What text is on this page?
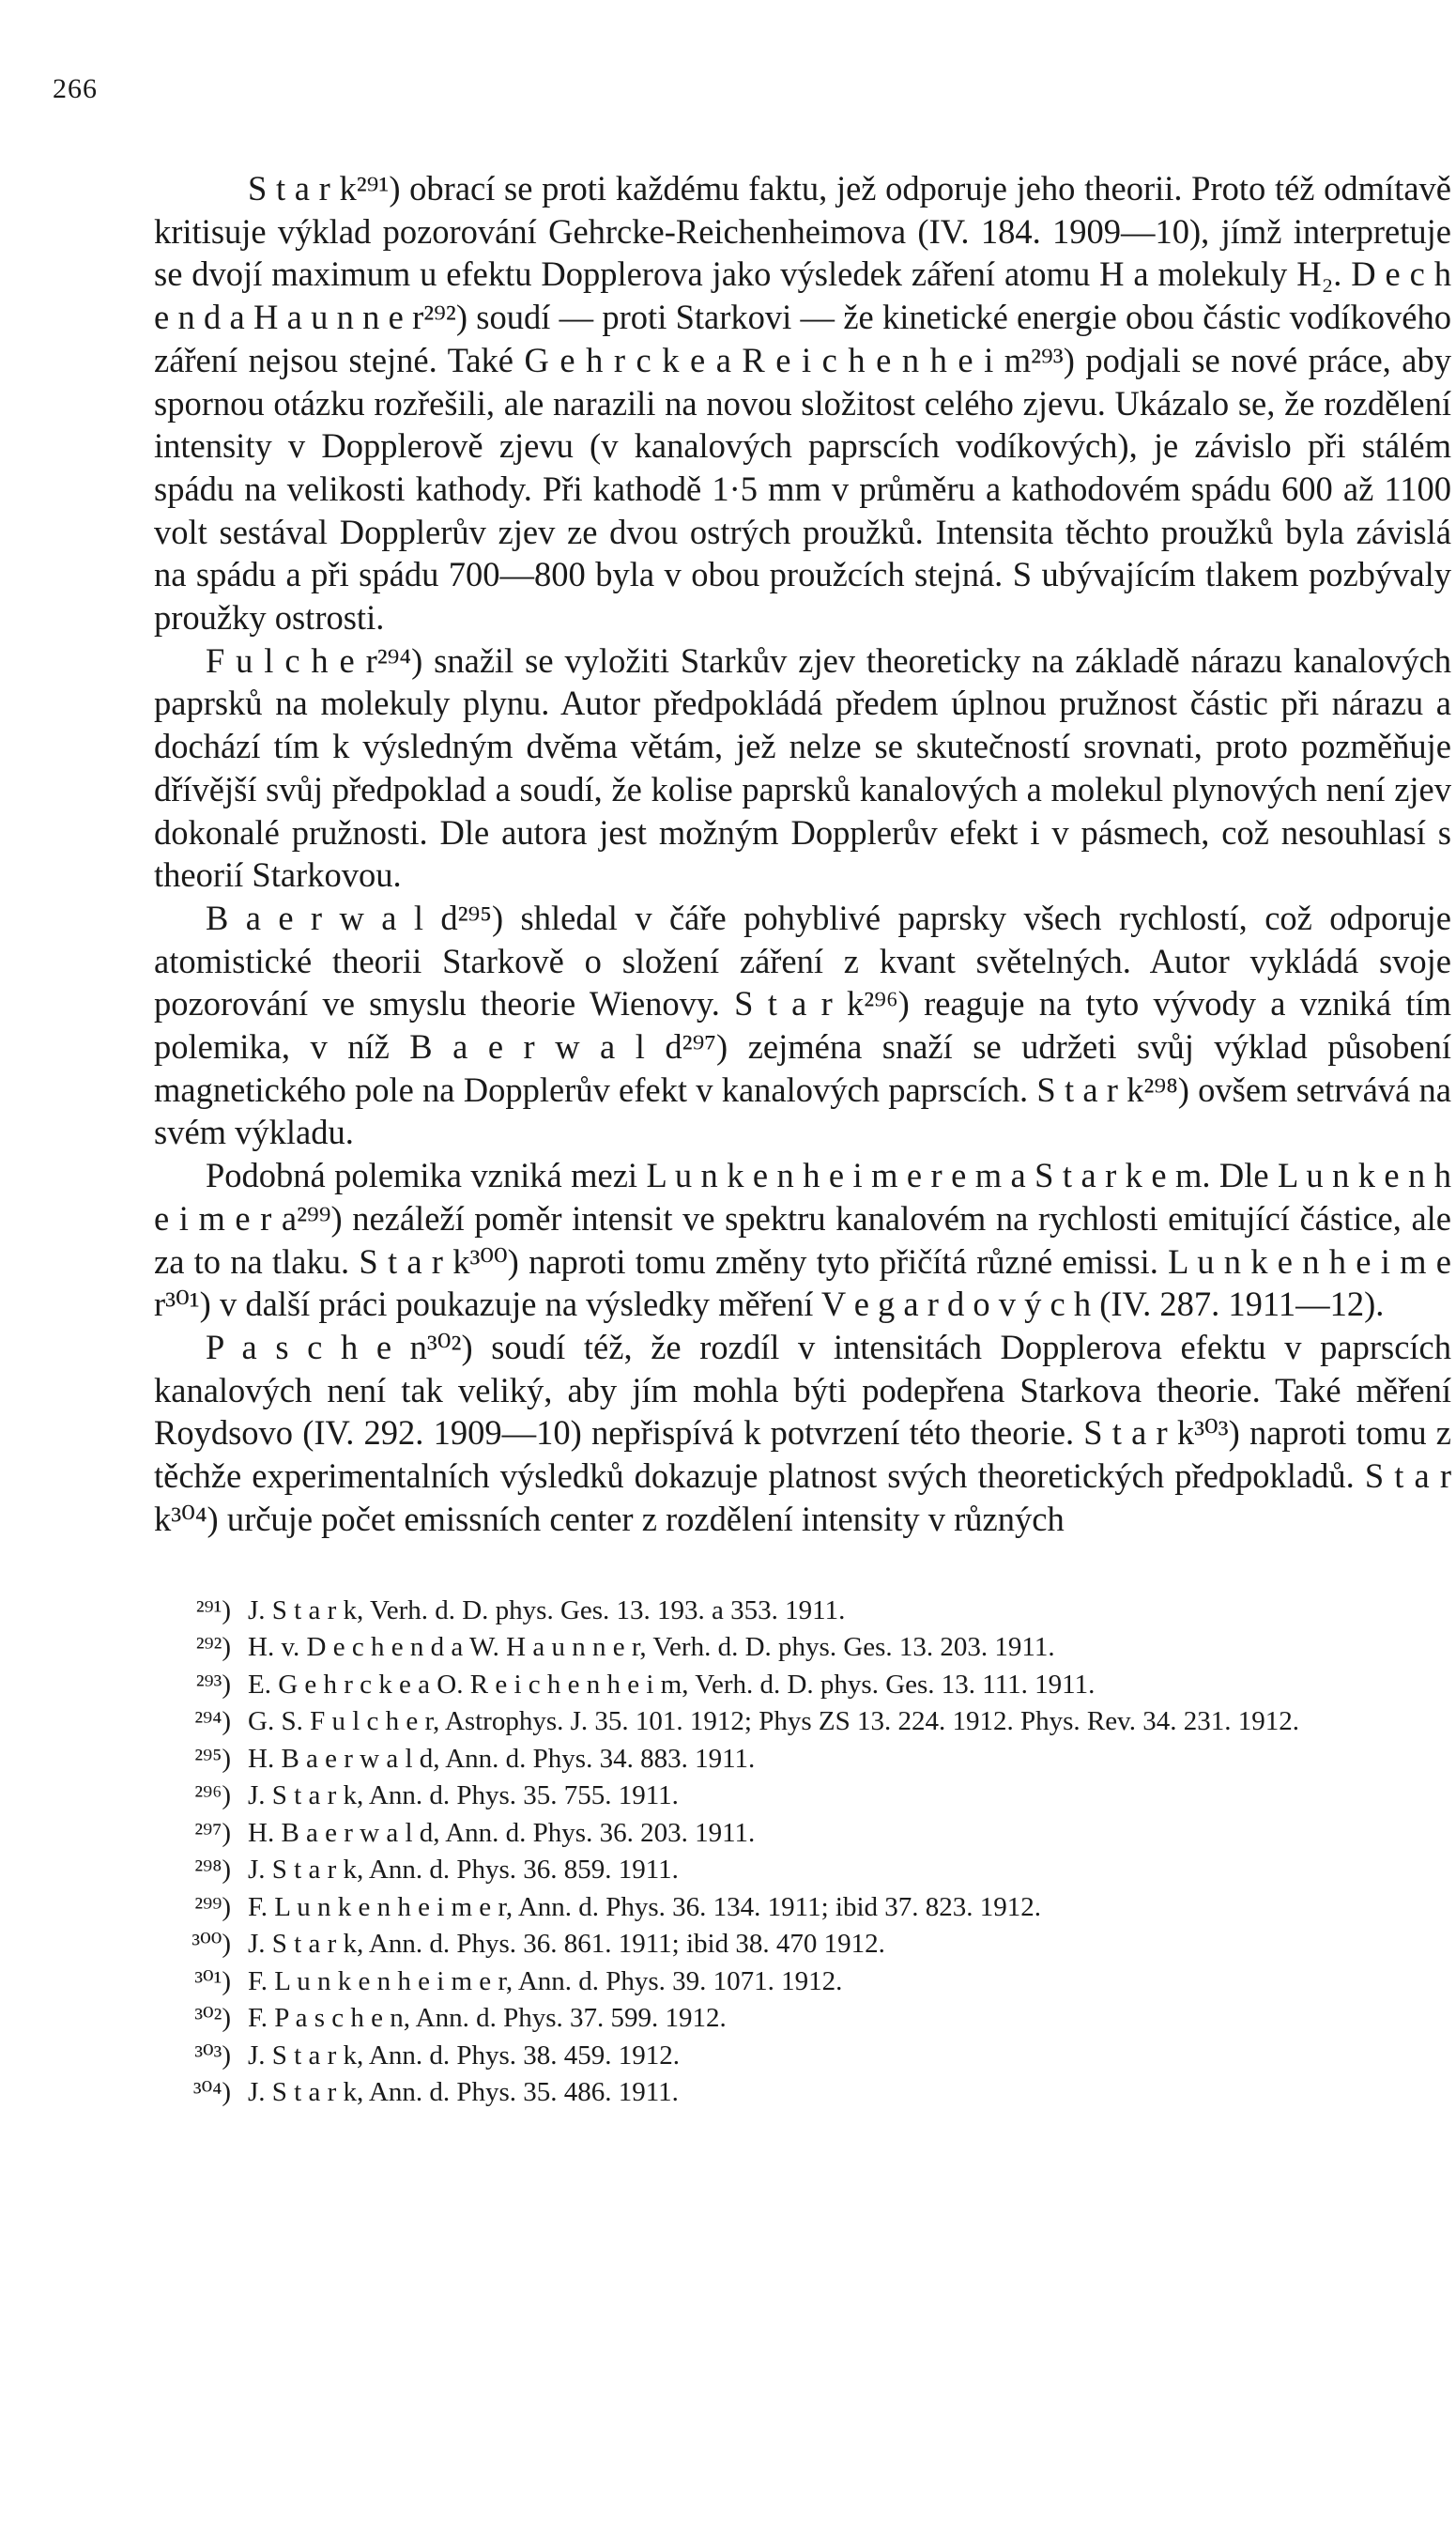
266

S t a r k²⁹¹) obrací se proti každému faktu, jež odporuje jeho theorii. Proto též odmítavě kritisuje výklad pozorování Gehrcke-Reichenheimova (IV. 184. 1909—10), jímž interpretuje se dvojí maximum u efektu Dopplerova jako výsledek záření atomu H a molekuly H₂. D e c h e n d a H a u n n e r²⁹²) soudí — proti Starkovi — že kinetické energie obou částic vodíkového záření nejsou stejné. Také G e h r c k e a R e i c h e n h e i m²⁹³) podjali se nové práce, aby spornou otázku rozřešili, ale narazili na novou složitost celého zjevu. Ukázalo se, že rozdělení intensity v Dopplerově zjevu (v kanalových paprscích vodíkových), je závislo při stálém spádu na velikosti kathody. Při kathodě 1·5 mm v průměru a kathodovém spádu 600 až 1100 volt sestával Dopplerův zjev ze dvou ostrých proužků. Intensita těchto proužků byla závislá na spádu a při spádu 700—800 byla v obou proužcích stejná. S ubývajícím tlakem pozbývaly proužky ostrosti.

F u l c h e r²⁹⁴) snažil se vyložiti Starkův zjev theoreticky na základě nárazu kanalových paprsků na molekuly plynu. Autor předpokládá předem úplnou pružnost částic při nárazu a dochází tím k výsledným dvěma větám, jež nelze se skutečností srovnati, proto pozměňuje dřívější svůj předpoklad a soudí, že kolise paprsků kanalových a molekul plynových není zjev dokonalé pružnosti. Dle autora jest možným Dopplerův efekt i v pásmech, což nesouhlasí s theorií Starkovou.

B a e r w a l d²⁹⁵) shledal v čáře pohyblivé paprsky všech rychlostí, což odporuje atomistické theorii Starkově o složení záření z kvant světelných. Autor vykládá svoje pozorování ve smyslu theorie Wienovy. S t a r k²⁹⁶) reaguje na tyto vývody a vzniká tím polemika, v níž B a e r w a l d²⁹⁷) zejména snaží se udržeti svůj výklad působení magnetického pole na Dopplerův efekt v kanalových paprscích. S t a r k²⁹⁸) ovšem setrvává na svém výkladu.

Podobná polemika vzniká mezi L u n k e n h e i m e r e m a S t a r k e m. Dle L u n k e n h e i m e r a²⁹⁹) nezáleží poměr intensit ve spektru kanalovém na rychlosti emitující částice, ale za to na tlaku. S t a r k³⁰⁰) naproti tomu změny tyto přičítá různé emissi. L u n k e n h e i m e r³⁰¹) v další práci poukazuje na výsledky měření V e g a r d o v ý c h (IV. 287. 1911—12).

P a s c h e n³⁰²) soudí též, že rozdíl v intensitách Dopplerova efektu v paprscích kanalových není tak veliký, aby jím mohla býti podepřena Starkova theorie. Také měření Roydsovo (IV. 292. 1909—10) nepřispívá k potvrzení této theorie. S t a r k³⁰³) naproti tomu z těchže experimentalních výsledků dokazuje platnost svých theoretických předpokladů. S t a r k³⁰⁴) určuje počet emissních center z rozdělení intensity v různých

²⁹¹) J. S t a r k, Verh. d. D. phys. Ges. 13. 193. a 353. 1911.
²⁹²) H. v. D e c h e n d a W. H a u n n e r, Verh. d. D. phys. Ges. 13. 203. 1911.
²⁹³) E. G e h r c k e a O. R e i c h e n h e i m, Verh. d. D. phys. Ges. 13. 111. 1911.
²⁹⁴) G. S. F u l c h e r, Astrophys. J. 35. 101. 1912; Phys ZS 13. 224. 1912. Phys. Rev. 34. 231. 1912.
²⁹⁵) H. B a e r w a l d, Ann. d. Phys. 34. 883. 1911.
²⁹⁶) J. S t a r k, Ann. d. Phys. 35. 755. 1911.
²⁹⁷) H. B a e r w a l d, Ann. d. Phys. 36. 203. 1911.
²⁹⁸) J. S t a r k, Ann. d. Phys. 36. 859. 1911.
²⁹⁹) F. L u n k e n h e i m e r, Ann. d. Phys. 36. 134. 1911; ibid 37. 823. 1912.
³⁰⁰) J. S t a r k, Ann. d. Phys. 36. 861. 1911; ibid 38. 470 1912.
³⁰¹) F. L u n k e n h e i m e r, Ann. d. Phys. 39. 1071. 1912.
³⁰²) F. P a s c h e n, Ann. d. Phys. 37. 599. 1912.
³⁰³) J. S t a r k, Ann. d. Phys. 38. 459. 1912.
³⁰⁴) J. S t a r k, Ann. d. Phys. 35. 486. 1911.
